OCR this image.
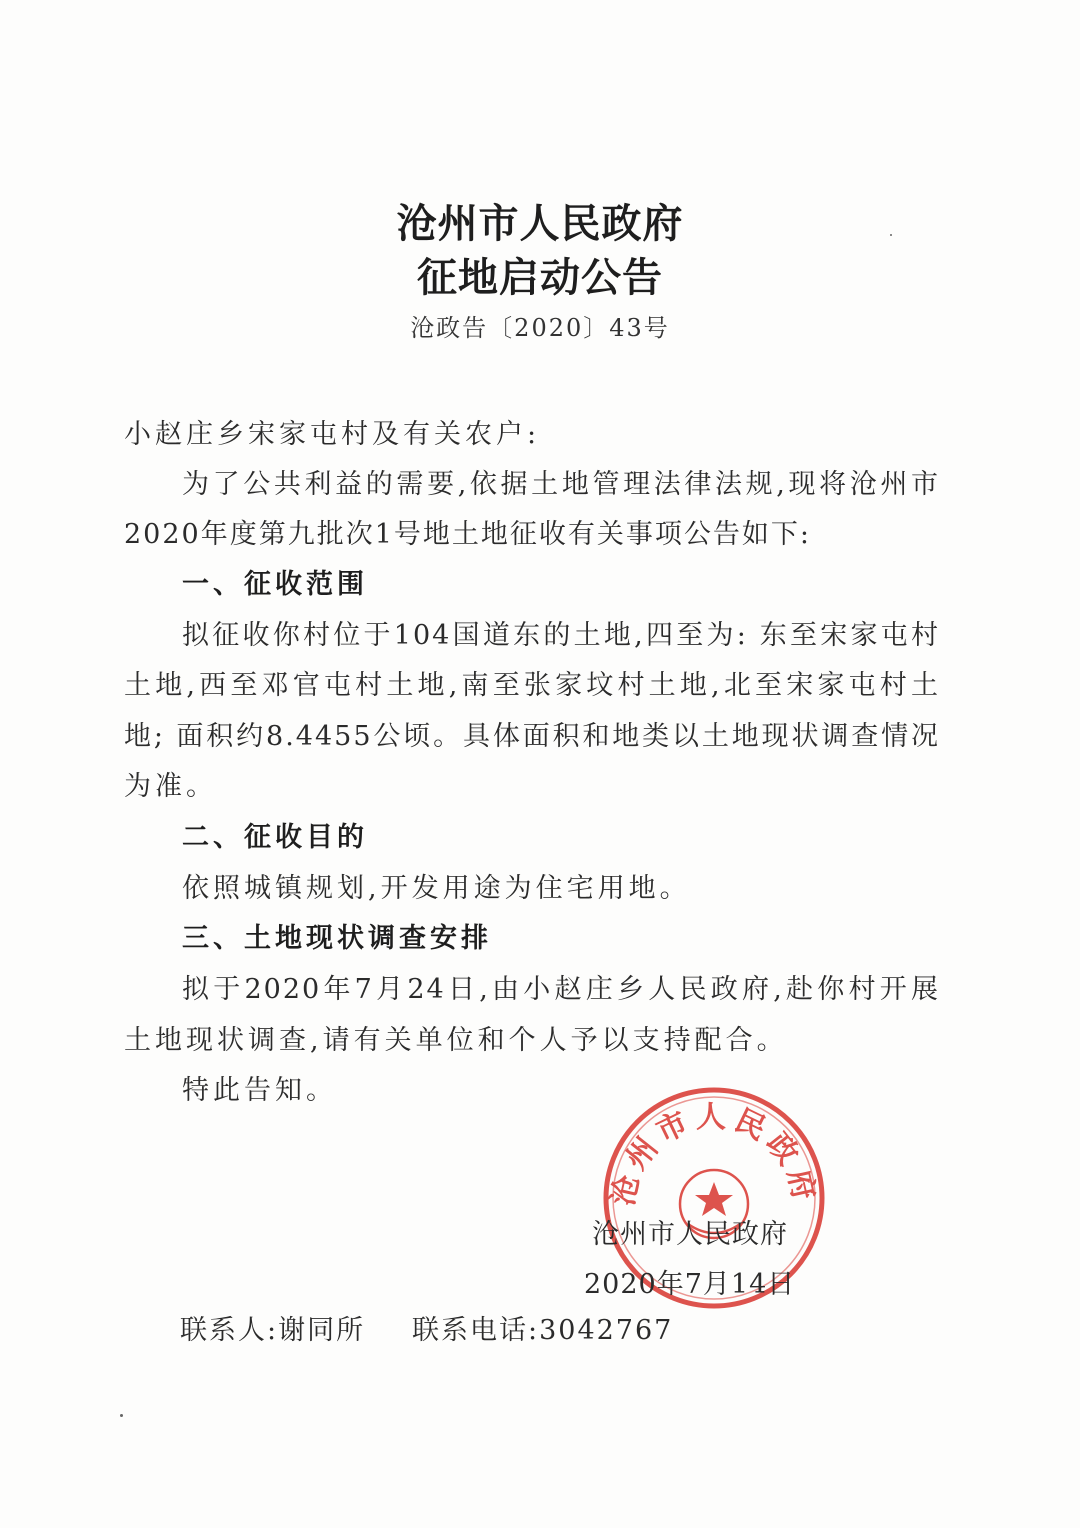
沧州市人民政府
征地启动公告
沧政告〔2020〕43号
小赵庄乡宋家屯村及有关农户:
为了公共利益的需要,依据土地管理法律法规,现将沧州市
2020年度第九批次1号地土地征收有关事项公告如下:
一、征收范围
拟征收你村位于104国道东的土地,四至为: 东至宋家屯村
土地,西至邓官屯村土地,南至张家坟村土地,北至宋家屯村土
地; 面积约8.4455公顷。具体面积和地类以土地现状调查情况
为准。
二、征收目的
依照城镇规划,开发用途为住宅用地。
三、土地现状调查安排
拟于2020年7月24日,由小赵庄乡人民政府,赴你村开展
土地现状调查,请有关单位和个人予以支持配合。
特此告知。
沧州市人民政府
沧州市人民政府
2020年7月14日
联系人:谢同所 联系电话:3042767
